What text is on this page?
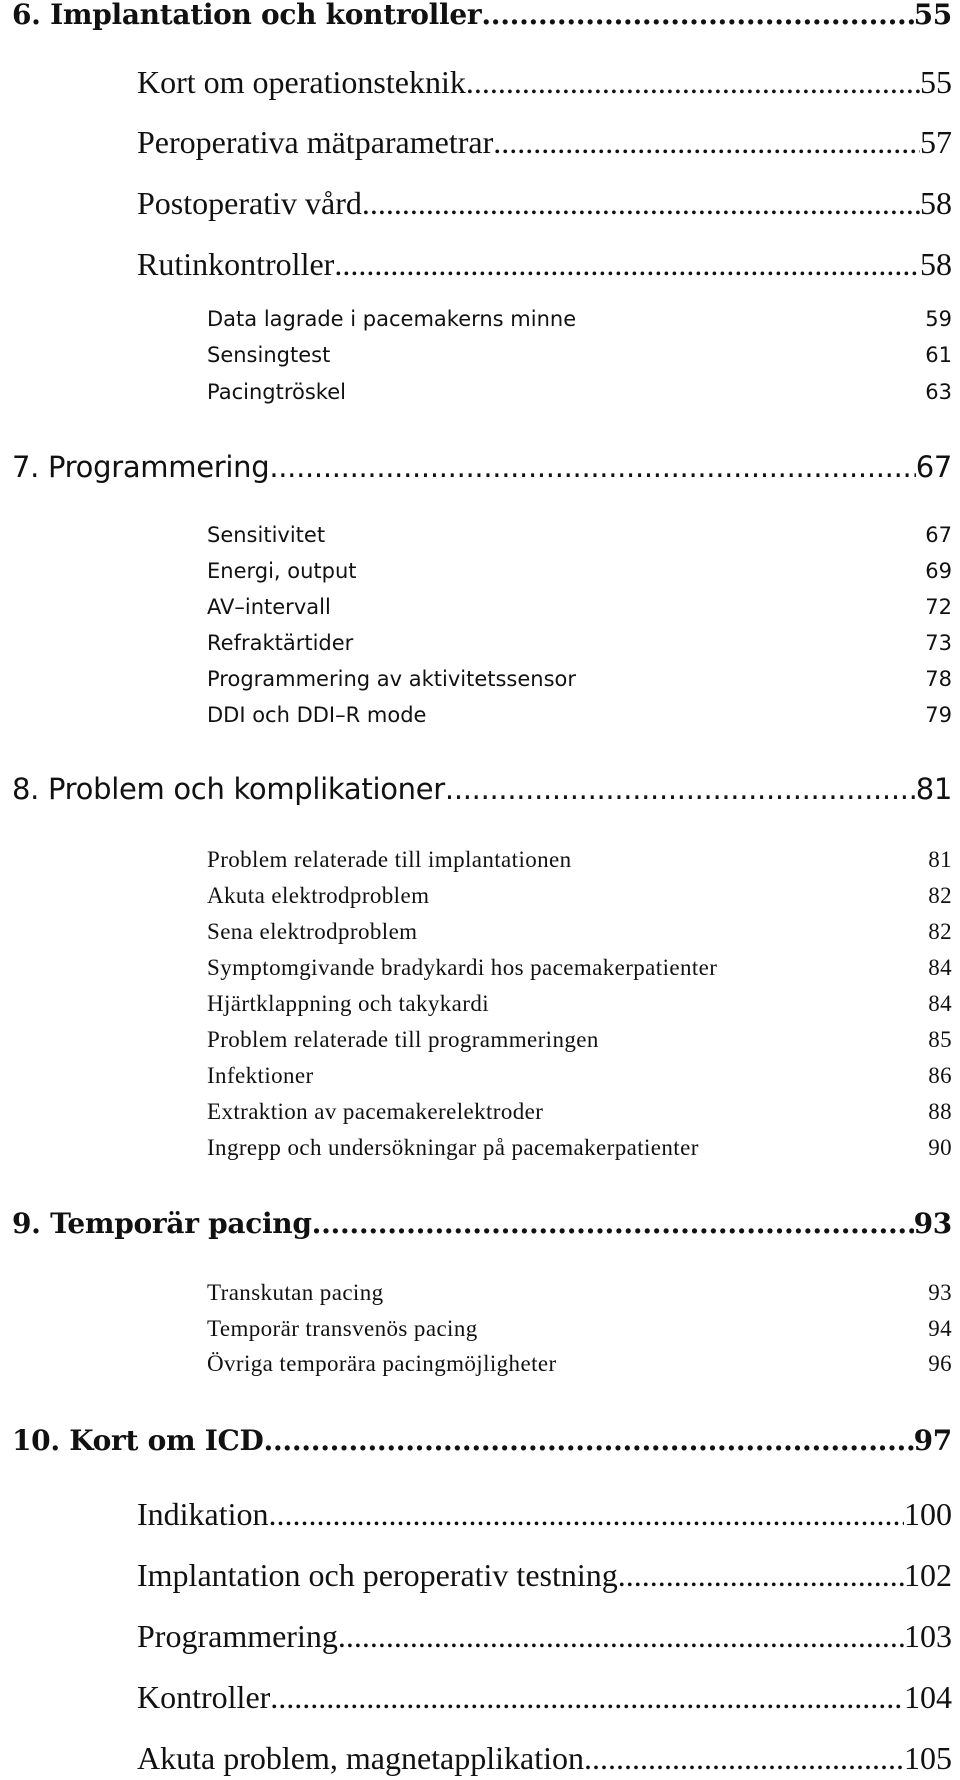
6. Implantation och kontroller .....	55
Kort om operationsteknik .....	55
Peroperativa mätparametrar .....	57
Postoperativ vård .....	58
Rutinkontroller .....	58
Data lagrade i pacemakerns minne	59
Sensingtest	61
Pacingtröskel	63
7. Programmering .....	67
Sensitivitet	67
Energi, output	69
AV–intervall	72
Refraktärtider	73
Programmering av aktivitetssensor	78
DDI och DDI–R mode	79
8. Problem och komplikationer .....	81
Problem relaterade till implantationen	81
Akuta elektrodproblem	82
Sena elektrodproblem	82
Symptomgivande bradykardi hos pacemakerpatienter	84
Hjärtklappning och takykardi	84
Problem relaterade till programmeringen	85
Infektioner	86
Extraktion av pacemakerelektroder	88
Ingrepp och undersökningar på pacemakerpatienter	90
9. Temporär pacing .....	93
Transkutan pacing	93
Temporär transvenös pacing	94
Övriga temporära pacingmöjligheter	96
10. Kort om ICD .....	97
Indikation .....	100
Implantation och peroperativ testning .....	102
Programmering .....	103
Kontroller .....	104
Akuta problem, magnetapplikation .....	105
